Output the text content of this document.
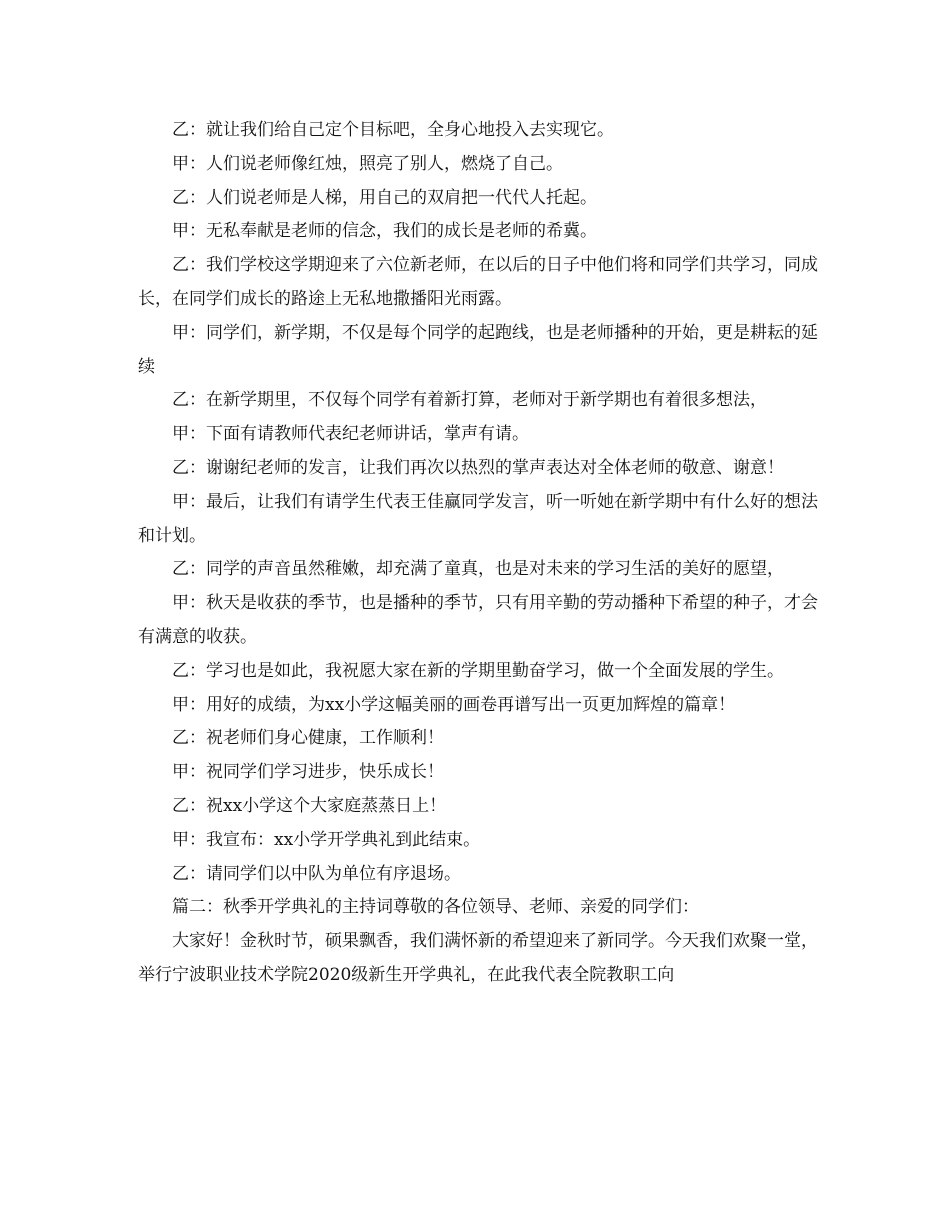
乙：就让我们给自己定个目标吧，全身心地投入去实现它。

甲：人们说老师像红烛，照亮了别人，燃烧了自己。

乙：人们说老师是人梯，用自己的双肩把一代代人托起。

甲：无私奉献是老师的信念，我们的成长是老师的希冀。

乙：我们学校这学期迎来了六位新老师，在以后的日子中他们将和同学们共学习，同成长，在同学们成长的路途上无私地撒播阳光雨露。

甲：同学们，新学期，不仅是每个同学的起跑线，也是老师播种的开始，更是耕耘的延续

乙：在新学期里，不仅每个同学有着新打算，老师对于新学期也有着很多想法，

甲：下面有请教师代表纪老师讲话，掌声有请。

乙：谢谢纪老师的发言，让我们再次以热烈的掌声表达对全体老师的敬意、谢意！

甲：最后，让我们有请学生代表王佳赢同学发言，听一听她在新学期中有什么好的想法和计划。

乙：同学的声音虽然稚嫩，却充满了童真，也是对未来的学习生活的美好的愿望，

甲：秋天是收获的季节，也是播种的季节，只有用辛勤的劳动播种下希望的种子，才会有满意的收获。

乙：学习也是如此，我祝愿大家在新的学期里勤奋学习，做一个全面发展的学生。

甲：用好的成绩，为xx小学这幅美丽的画卷再谱写出一页更加辉煌的篇章！

乙：祝老师们身心健康，工作顺利！

甲：祝同学们学习进步，快乐成长！

乙：祝xx小学这个大家庭蒸蒸日上！

甲：我宣布：xx小学开学典礼到此结束。

乙：请同学们以中队为单位有序退场。

篇二：秋季开学典礼的主持词尊敬的各位领导、老师、亲爱的同学们：

大家好！金秋时节，硕果飘香，我们满怀新的希望迎来了新同学。今天我们欢聚一堂，举行宁波职业技术学院2020级新生开学典礼，在此我代表全院教职工向
